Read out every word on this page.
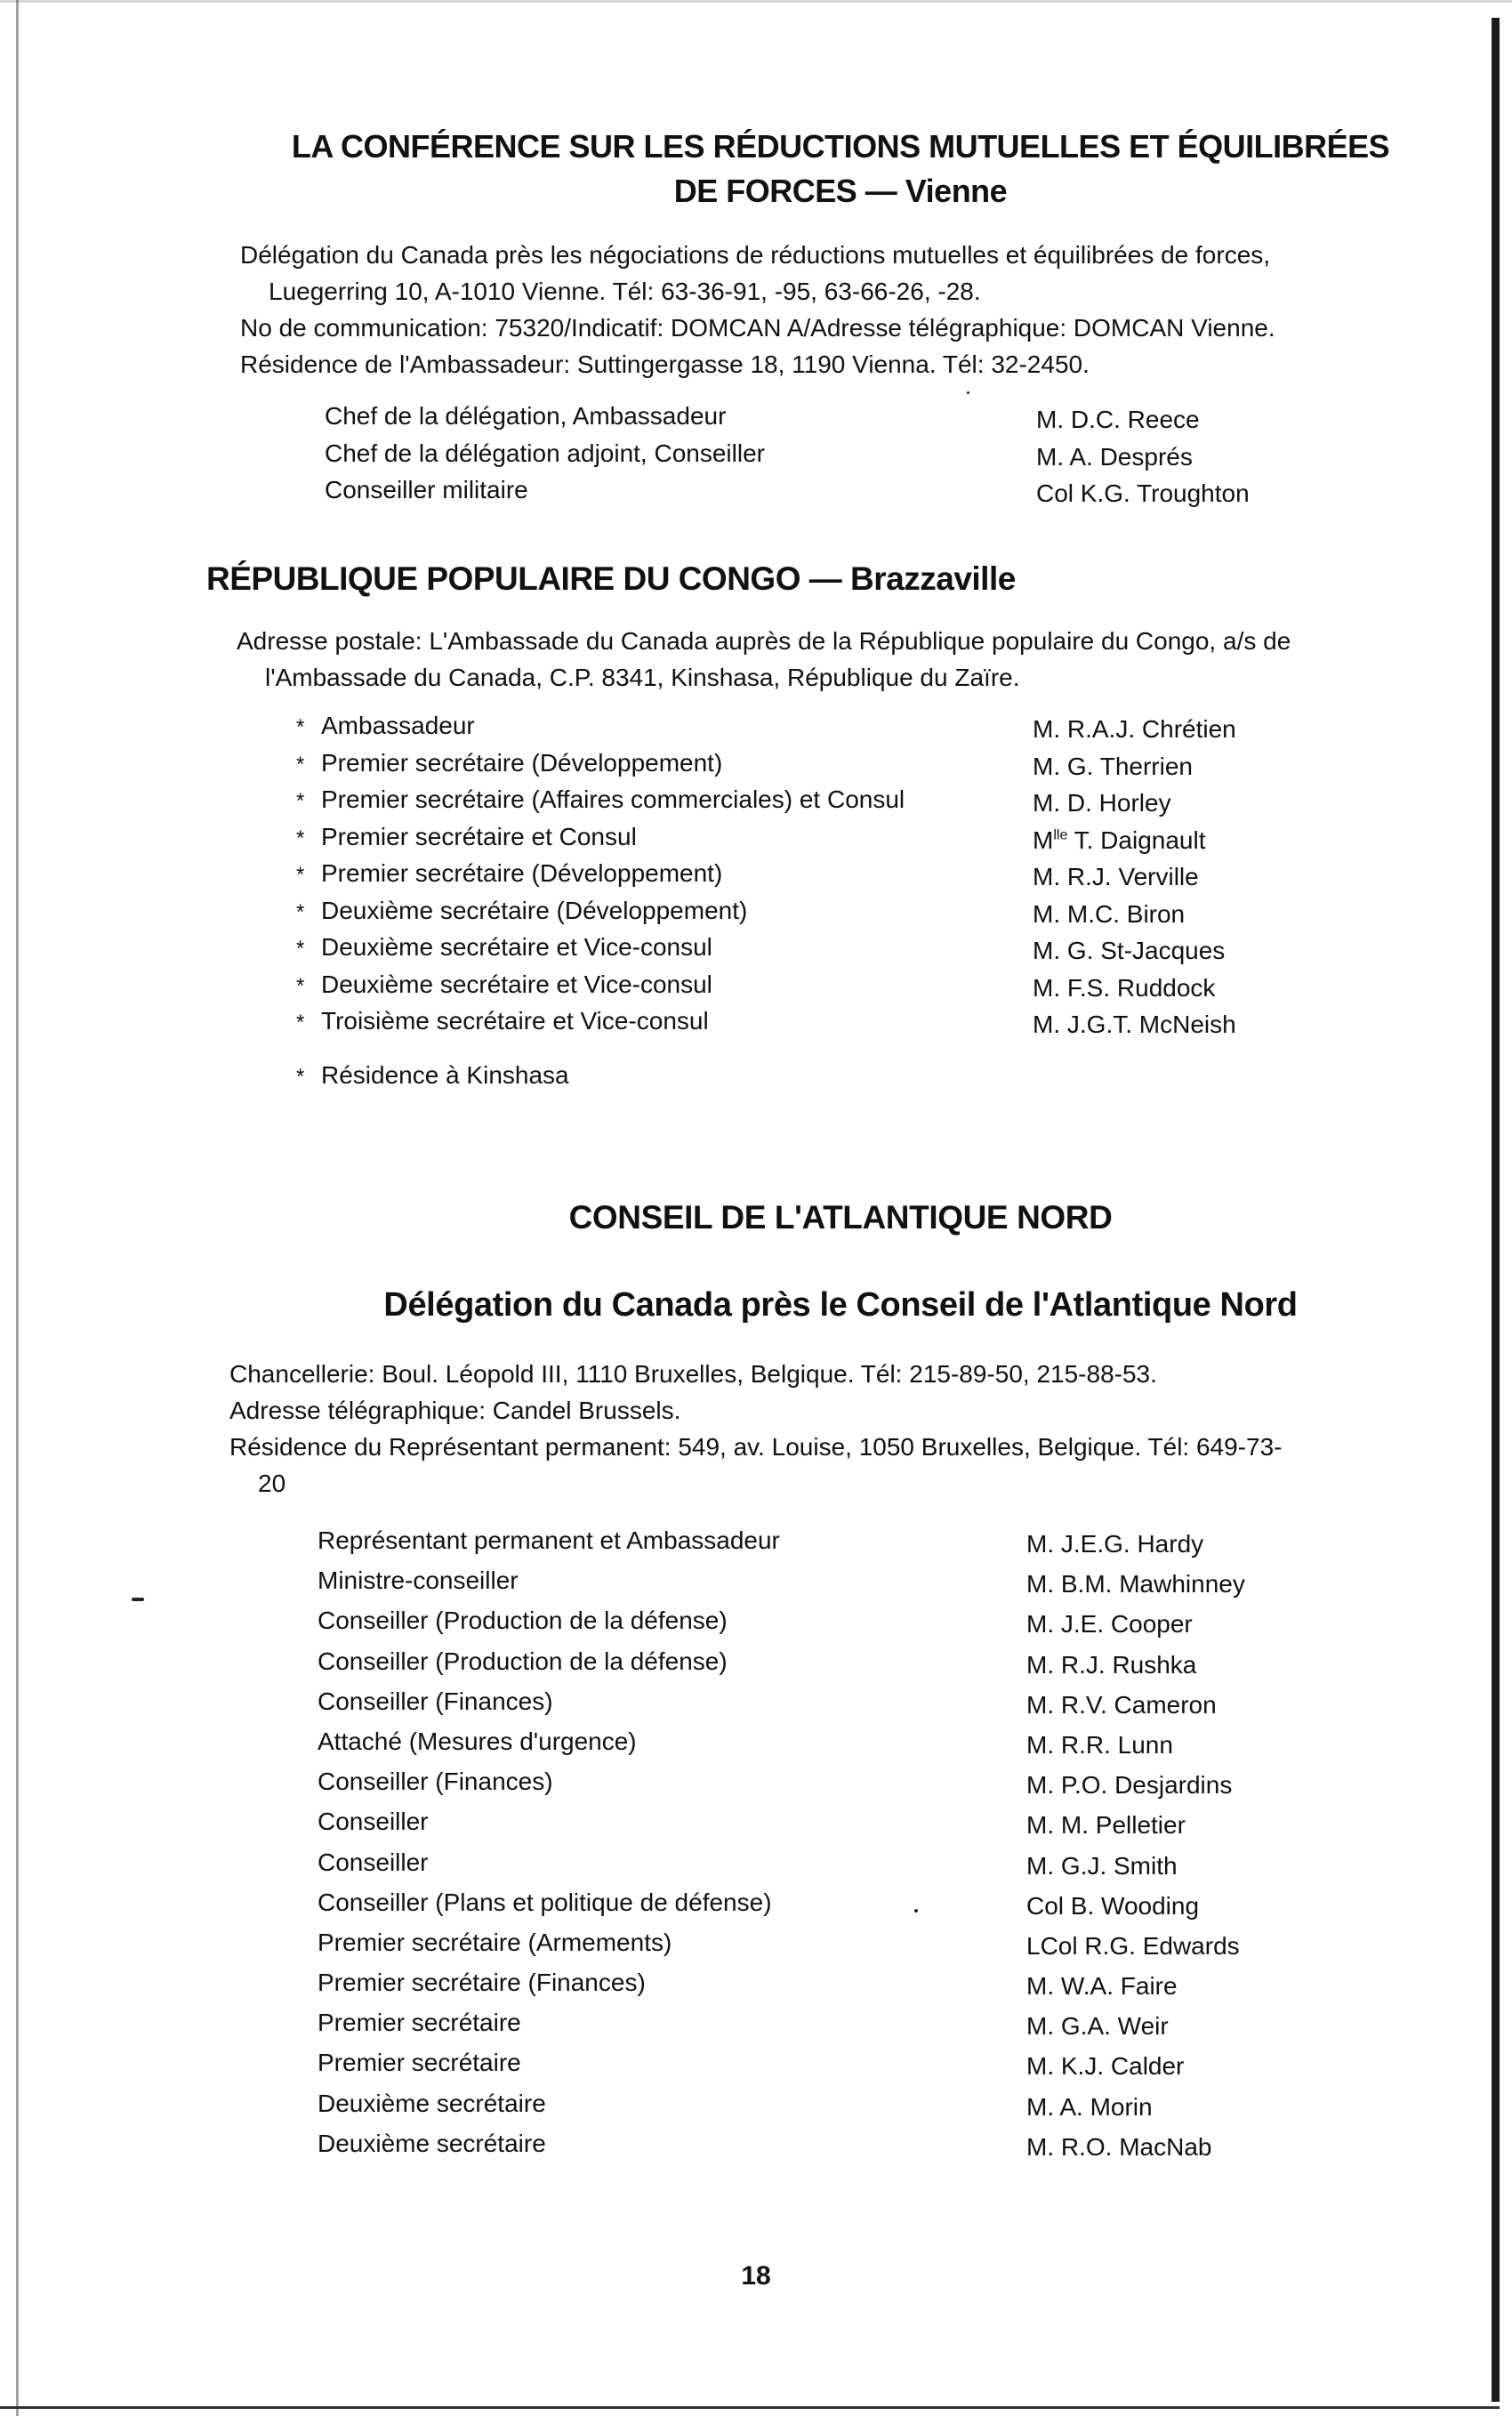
LA CONFÉRENCE SUR LES RÉDUCTIONS MUTUELLES ET ÉQUILIBRÉES
DE FORCES — Vienne
Délégation du Canada près les négociations de réductions mutuelles et équilibrées de forces,
Luegerring 10, A-1010 Vienne. Tél: 63-36-91, -95, 63-66-26, -28.
No de communication: 75320/Indicatif: DOMCAN A/Adresse télégraphique: DOMCAN Vienne.
Résidence de l'Ambassadeur: Suttingergasse 18, 1190 Vienna. Tél: 32-2450.
Chef de la délégation, Ambassadeur	M. D.C. Reece
Chef de la délégation adjoint, Conseiller	M. A. Després
Conseiller militaire	Col K.G. Troughton
RÉPUBLIQUE POPULAIRE DU CONGO — Brazzaville
Adresse postale: L'Ambassade du Canada auprès de la République populaire du Congo, a/s de
l'Ambassade du Canada, C.P. 8341, Kinshasa, République du Zaïre.
* Ambassadeur	M. R.A.J. Chrétien
* Premier secrétaire (Développement)	M. G. Therrien
* Premier secrétaire (Affaires commerciales) et Consul	M. D. Horley
* Premier secrétaire et Consul	$M^{lle}$ T. Daignault
* Premier secrétaire (Développement)	M. R.J. Verville
* Deuxième secrétaire (Développement)	M. M.C. Biron
* Deuxième secrétaire et Vice-consul	M. G. St-Jacques
* Deuxième secrétaire et Vice-consul	M. F.S. Ruddock
* Troisième secrétaire et Vice-consul	M. J.G.T. McNeish
* Résidence à Kinshasa
CONSEIL DE L'ATLANTIQUE NORD
Délégation du Canada près le Conseil de l'Atlantique Nord
Chancellerie: Boul. Léopold III, 1110 Bruxelles, Belgique. Tél: 215-89-50, 215-88-53.
Adresse télégraphique: Candel Brussels.
Résidence du Représentant permanent: 549, av. Louise, 1050 Bruxelles, Belgique. Tél: 649-73-
20
Représentant permanent et Ambassadeur	M. J.E.G. Hardy
Ministre-conseiller	M. B.M. Mawhinney
Conseiller (Production de la défense)	M. J.E. Cooper
Conseiller (Production de la défense)	M. R.J. Rushka
Conseiller (Finances)	M. R.V. Cameron
Attaché (Mesures d'urgence)	M. R.R. Lunn
Conseiller (Finances)	M. P.O. Desjardins
Conseiller	M. M. Pelletier
Conseiller	M. G.J. Smith
Conseiller (Plans et politique de défense)	Col B. Wooding
Premier secrétaire (Armements)	LCol R.G. Edwards
Premier secrétaire (Finances)	M. W.A. Faire
Premier secrétaire	M. G.A. Weir
Premier secrétaire	M. K.J. Calder
Deuxième secrétaire	M. A. Morin
Deuxième secrétaire	M. R.O. MacNab
18
